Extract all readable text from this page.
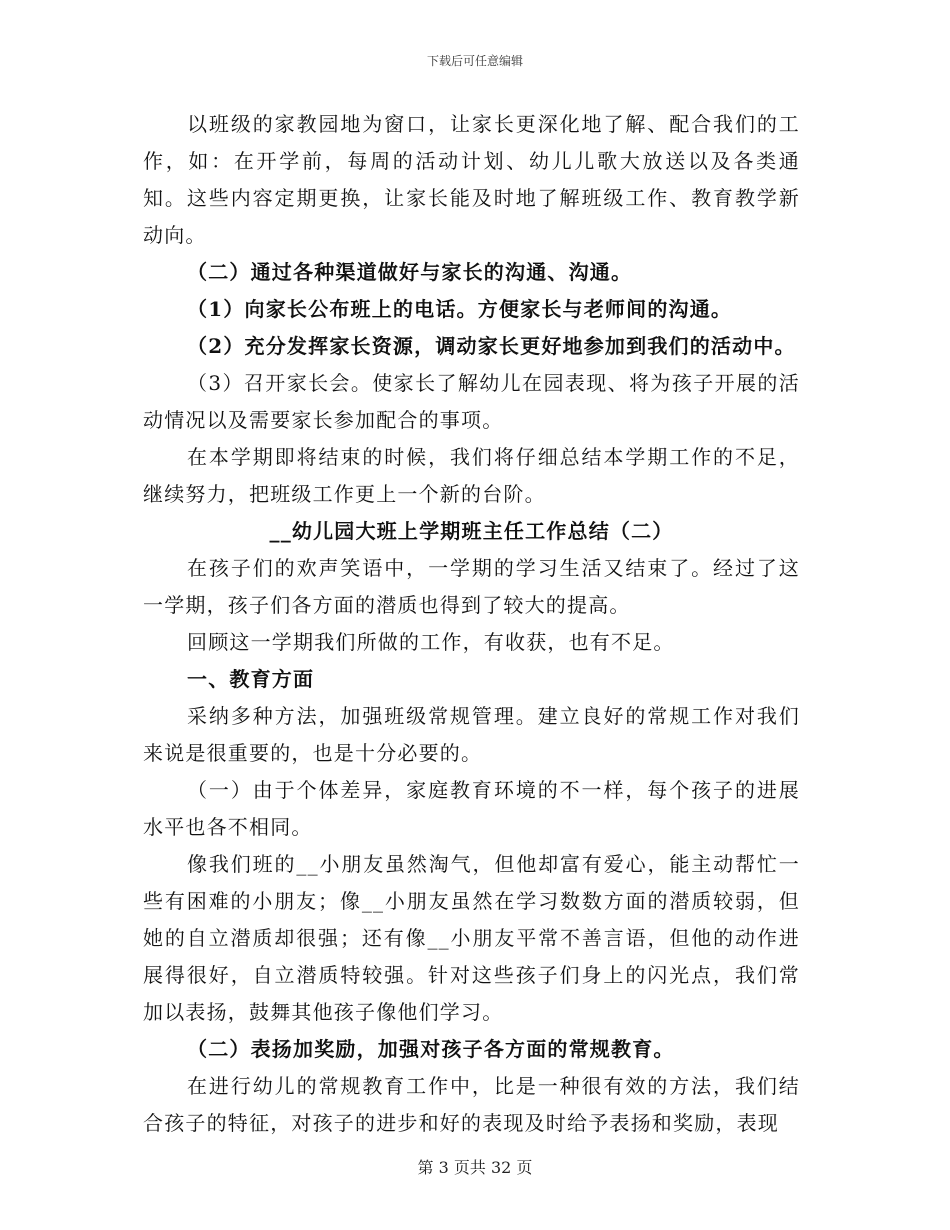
下载后可任意编辑

以班级的家教园地为窗口，让家长更深化地了解、配合我们的工作，如：在开学前，每周的活动计划、幼儿儿歌大放送以及各类通知。这些内容定期更换，让家长能及时地了解班级工作、教育教学新动向。

（二）通过各种渠道做好与家长的沟通、沟通。

（1）向家长公布班上的电话。方便家长与老师间的沟通。

（2）充分发挥家长资源，调动家长更好地参加到我们的活动中。

（3）召开家长会。使家长了解幼儿在园表现、将为孩子开展的活动情况以及需要家长参加配合的事项。

在本学期即将结束的时候，我们将仔细总结本学期工作的不足，继续努力，把班级工作更上一个新的台阶。

__幼儿园大班上学期班主任工作总结（二）

在孩子们的欢声笑语中，一学期的学习生活又结束了。经过了这一学期，孩子们各方面的潜质也得到了较大的提高。

回顾这一学期我们所做的工作，有收获，也有不足。

一、教育方面

采纳多种方法，加强班级常规管理。建立良好的常规工作对我们来说是很重要的，也是十分必要的。

（一）由于个体差异，家庭教育环境的不一样，每个孩子的进展水平也各不相同。

像我们班的__小朋友虽然淘气，但他却富有爱心，能主动帮忙一些有困难的小朋友；像__小朋友虽然在学习数数方面的潜质较弱，但她的自立潜质却很强；还有像__小朋友平常不善言语，但他的动作进展得很好，自立潜质特较强。针对这些孩子们身上的闪光点，我们常加以表扬，鼓舞其他孩子像他们学习。

（二）表扬加奖励，加强对孩子各方面的常规教育。

在进行幼儿的常规教育工作中，比是一种很有效的方法，我们结合孩子的特征，对孩子的进步和好的表现及时给予表扬和奖励，表现

第 3 页共 32 页
